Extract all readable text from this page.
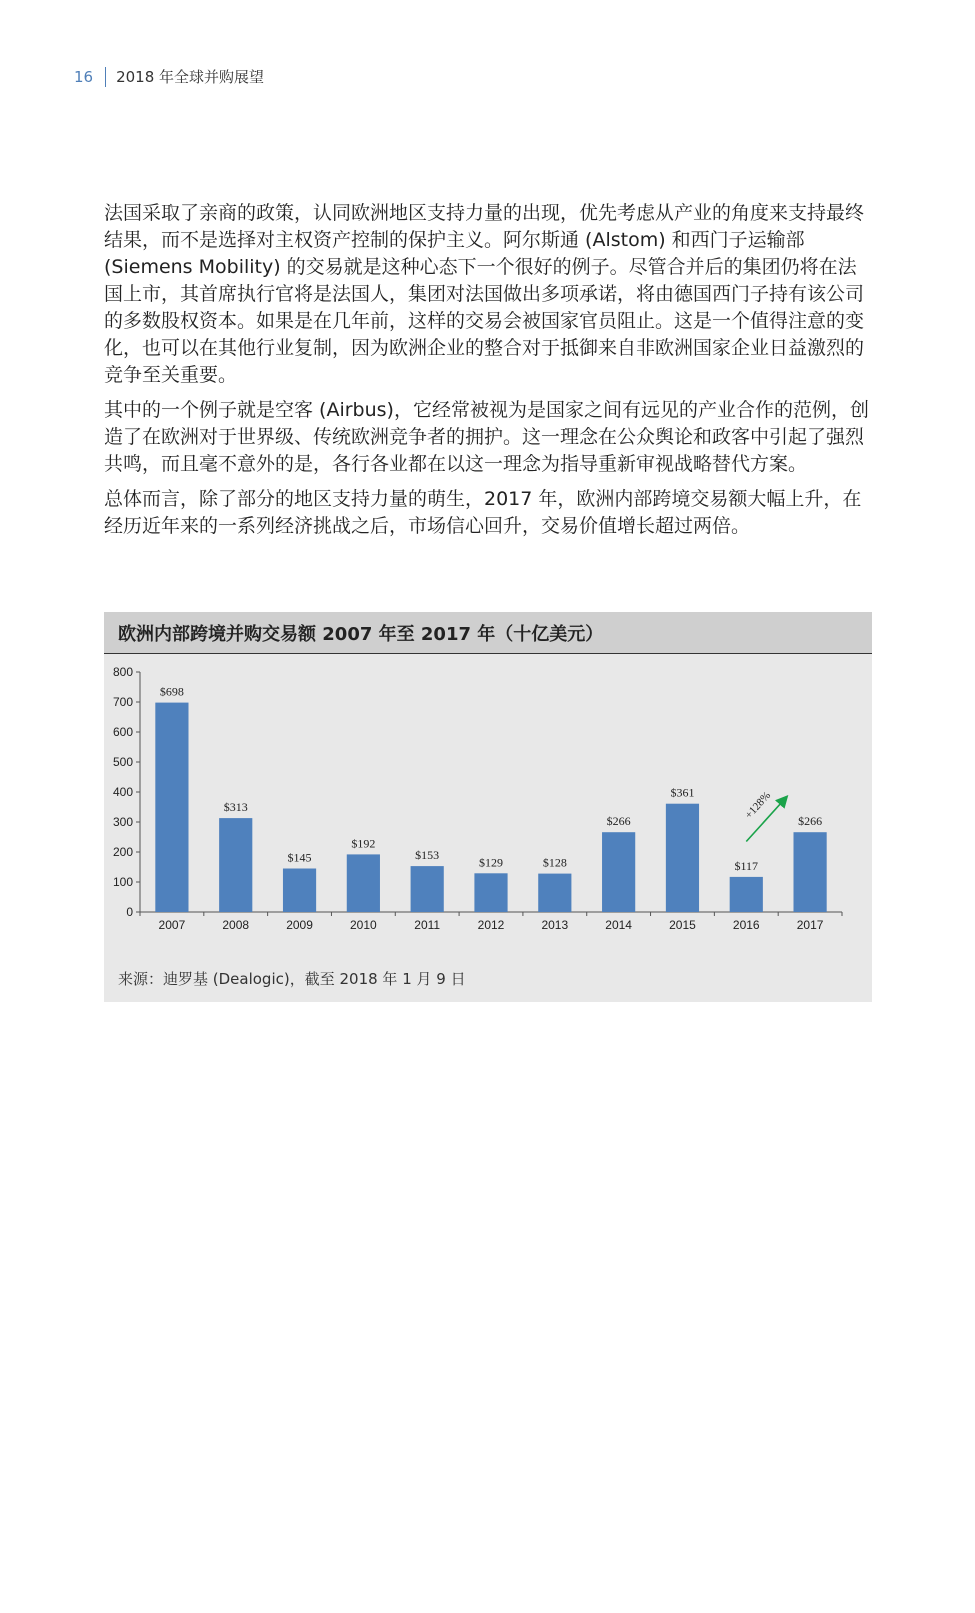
16 2018 年全球并购展望

法国采取了亲商的政策，认同欧洲地区支持力量的出现，优先考虑从产业的角度来支持最终结果，而不是选择对主权资产控制的保护主义。阿尔斯通 (Alstom) 和西门子运输部 (Siemens Mobility) 的交易就是这种心态下一个很好的例子。尽管合并后的集团仍将在法国上市，其首席执行官将是法国人，集团对法国做出多项承诺，将由德国西门子持有该公司的多数股权资本。如果是在几年前，这样的交易会被国家官员阻止。这是一个值得注意的变化，也可以在其他行业复制，因为欧洲企业的整合对于抵御来自非欧洲国家企业日益激烈的竞争至关重要。

其中的一个例子就是空客 (Airbus)，它经常被视为是国家之间有远见的产业合作的范例，创造了在欧洲对于世界级、传统欧洲竞争者的拥护。这一理念在公众舆论和政客中引起了强烈共鸣，而且毫不意外的是，各行各业都在以这一理念为指导重新审视战略替代方案。

总体而言，除了部分的地区支持力量的萌生，2017 年，欧洲内部跨境交易额大幅上升，在经历近年来的一系列经济挑战之后，市场信心回升，交易价值增长超过两倍。

欧洲内部跨境并购交易额 2007 年至 2017 年（十亿美元）
0
100
200
300
400
500
600
700
800
$698
2007
$313
2008
$145
2009
$192
2010
$153
2011
$129
2012
$128
2013
$266
2014
$361
2015
$117
2016
$266
2017
+128%
来源：迪罗基 (Dealogic)，截至 2018 年 1 月 9 日
